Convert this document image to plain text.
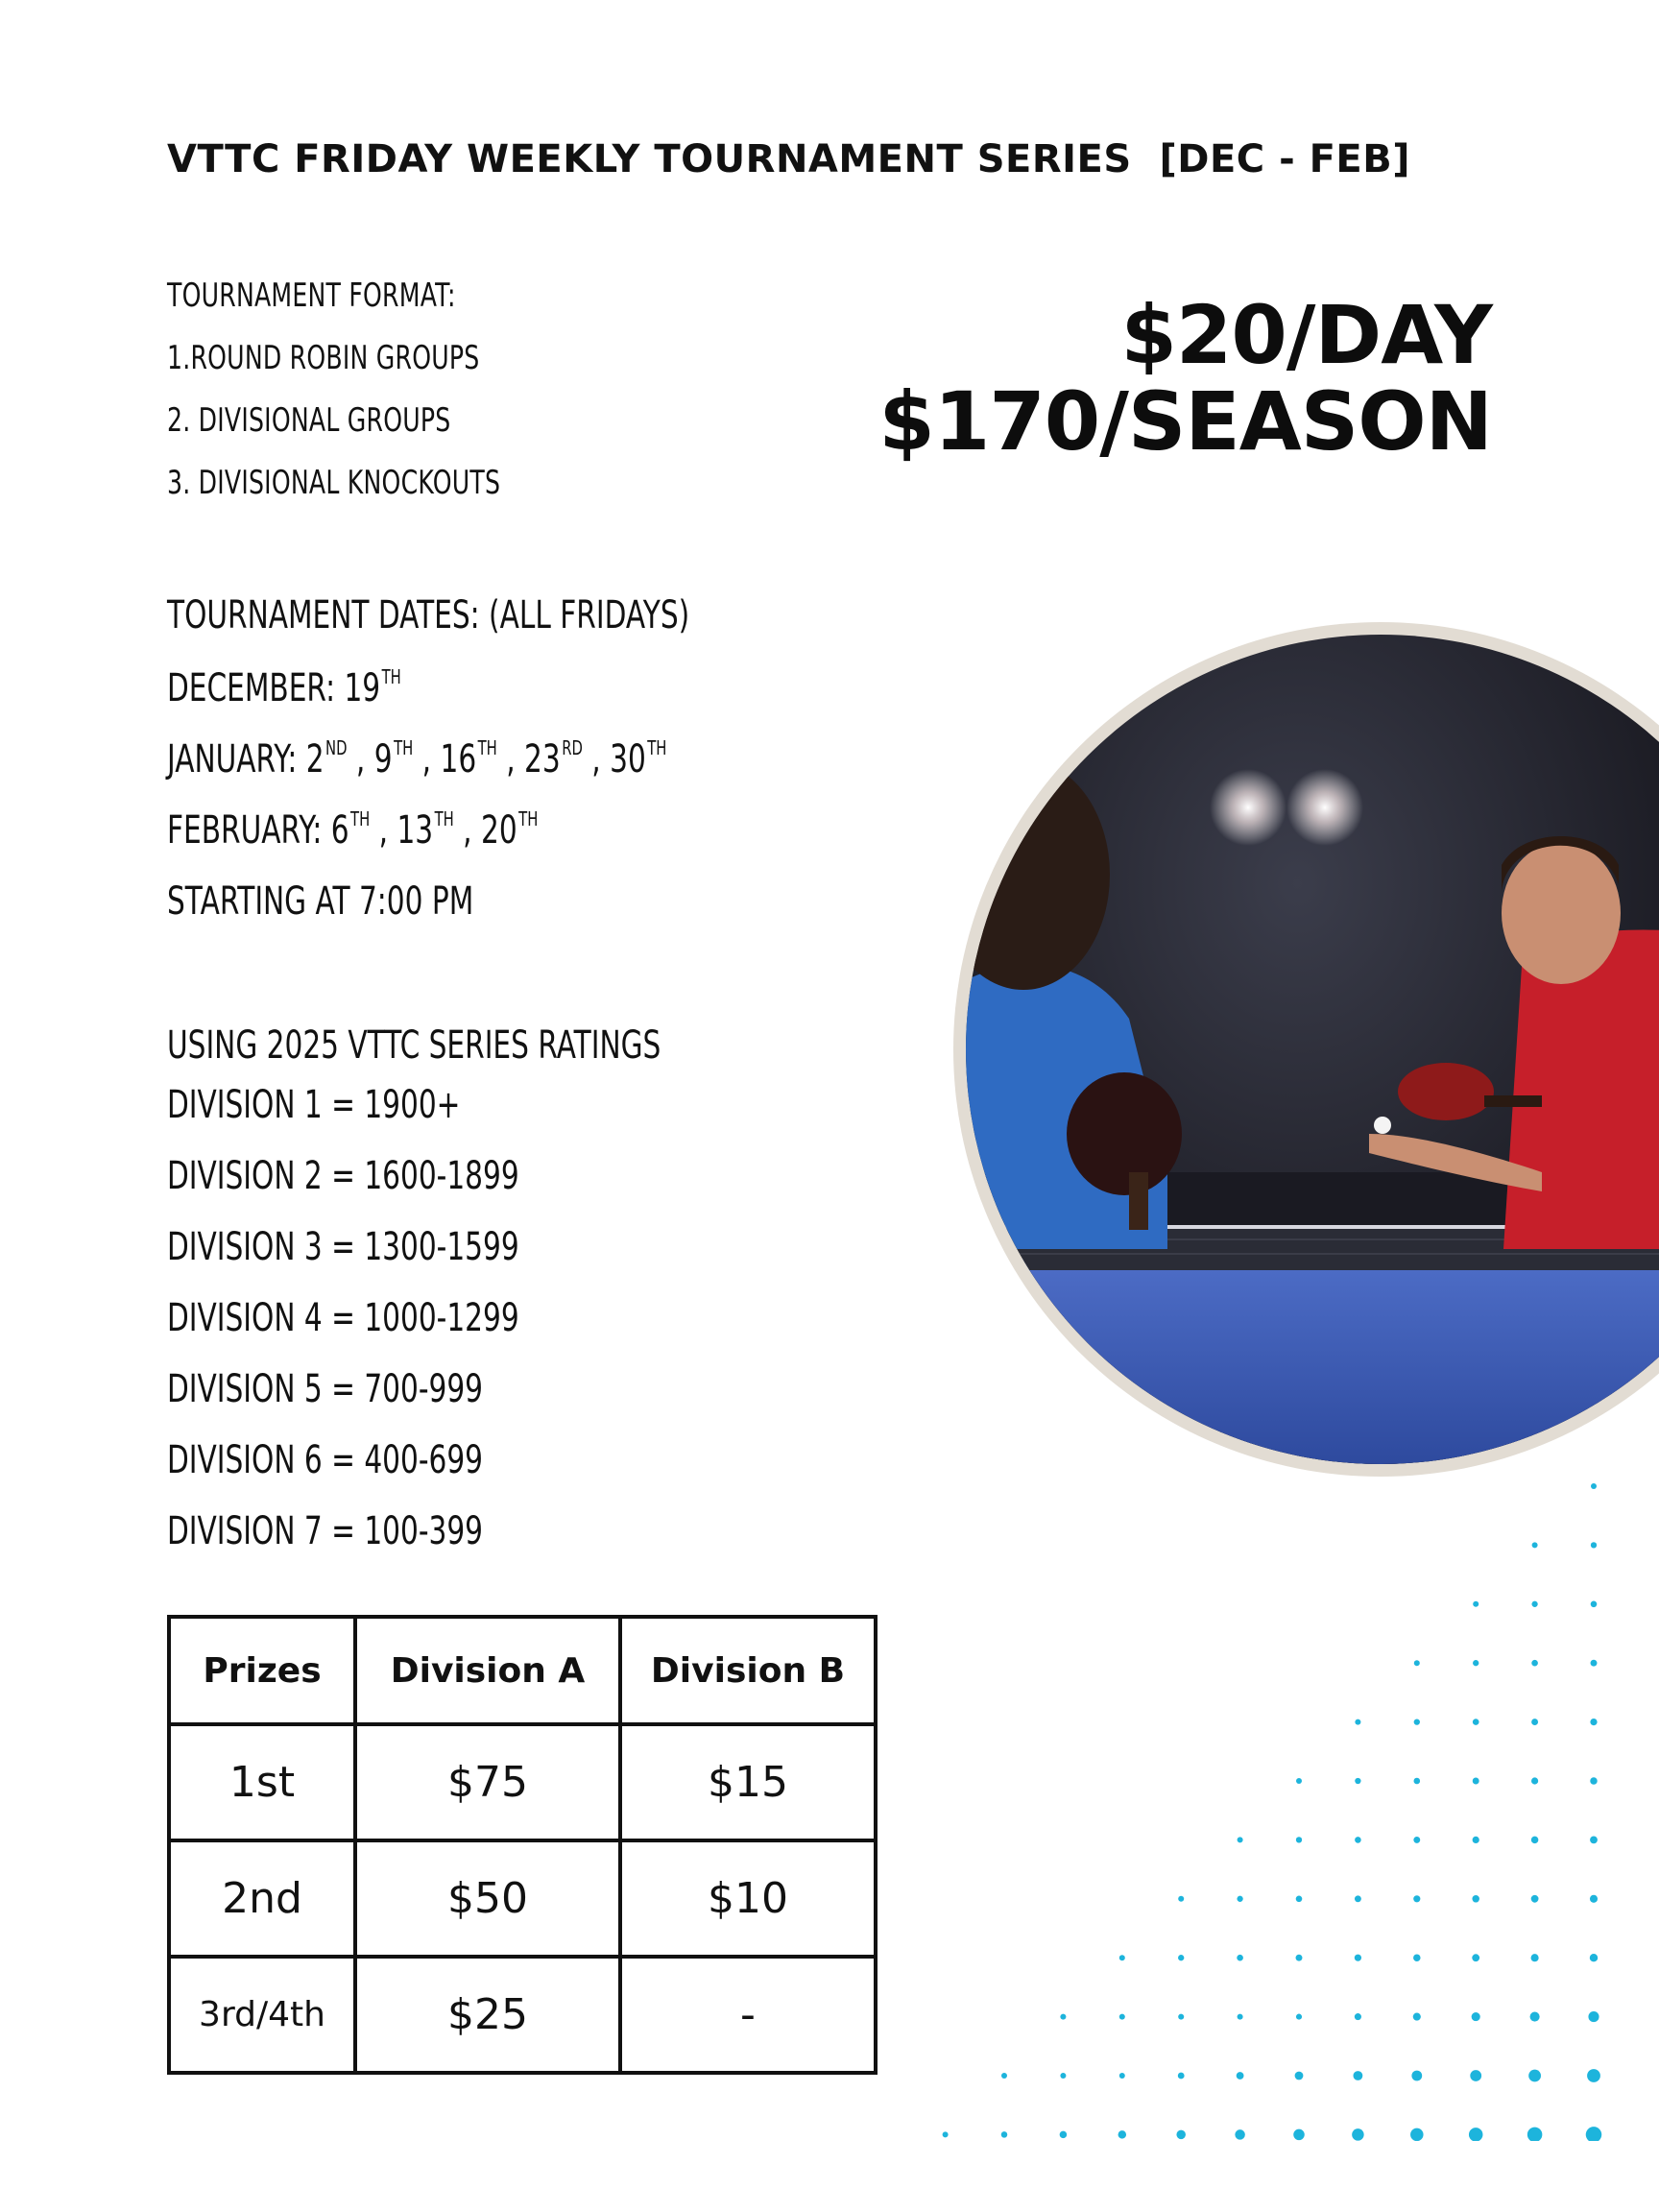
VTTC FRIDAY WEEKLY TOURNAMENT SERIES  [DEC - FEB]
$20/DAY
$170/SEASON
TOURNAMENT FORMAT:
1.ROUND ROBIN GROUPS
2. DIVISIONAL GROUPS
3. DIVISIONAL KNOCKOUTS
TOURNAMENT DATES: (ALL FRIDAYS)
DECEMBER: 19TH
JANUARY: 2ND , 9TH , 16TH , 23RD , 30TH
FEBRUARY: 6TH , 13TH , 20TH
STARTING AT 7:00 PM
USING 2025 VTTC SERIES RATINGS
DIVISION 1 = 1900+
DIVISION 2 = 1600-1899
DIVISION 3 = 1300-1599
DIVISION 4 = 1000-1299
DIVISION 5 = 700-999
DIVISION 6 = 400-699
DIVISION 7 = 100-399
Prizes	Division A	Division B
1st	$75	$15
2nd	$50	$10
3rd/4th	$25	-
